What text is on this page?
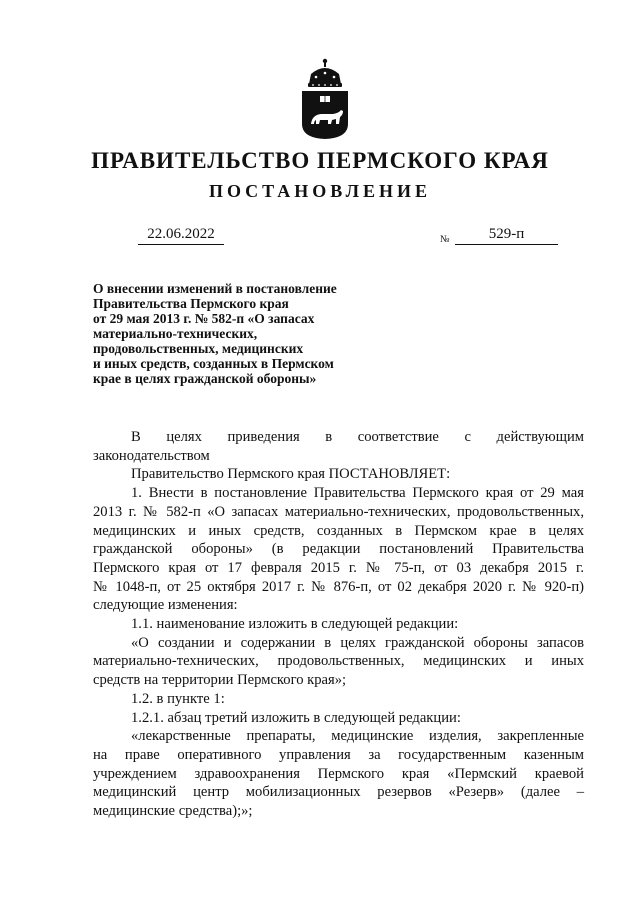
ПРАВИТЕЛЬСТВО ПЕРМСКОГО КРАЯ
ПОСТАНОВЛЕНИЕ
22.06.2022	№	529-п
О внесении изменений в постановление
Правительства Пермского края
от 29 мая 2013 г. № 582-п «О запасах
материально-технических,
продовольственных, медицинских
и иных средств, созданных в Пермском
крае в целях гражданской обороны»
В целях приведения в соответствие с действующим
законодательством
Правительство Пермского края ПОСТАНОВЛЯЕТ:
1. Внести в постановление Правительства Пермского края от 29 мая
2013 г. № 582-п «О запасах материально-технических, продовольственных,
медицинских и иных средств, созданных в Пермском крае в целях
гражданской обороны» (в редакции постановлений Правительства
Пермского края от 17 февраля 2015 г. № 75-п, от 03 декабря 2015 г.
№ 1048-п, от 25 октября 2017 г. № 876-п, от 02 декабря 2020 г. № 920-п)
следующие изменения:
1.1. наименование изложить в следующей редакции:
«О создании и содержании в целях гражданской обороны запасов
материально-технических, продовольственных, медицинских и иных
средств на территории Пермского края»;
1.2. в пункте 1:
1.2.1. абзац третий изложить в следующей редакции:
«лекарственные препараты, медицинские изделия, закрепленные
на праве оперативного управления за государственным казенным
учреждением здравоохранения Пермского края «Пермский краевой
медицинский центр мобилизационных резервов «Резерв» (далее –
медицинские средства);»;
